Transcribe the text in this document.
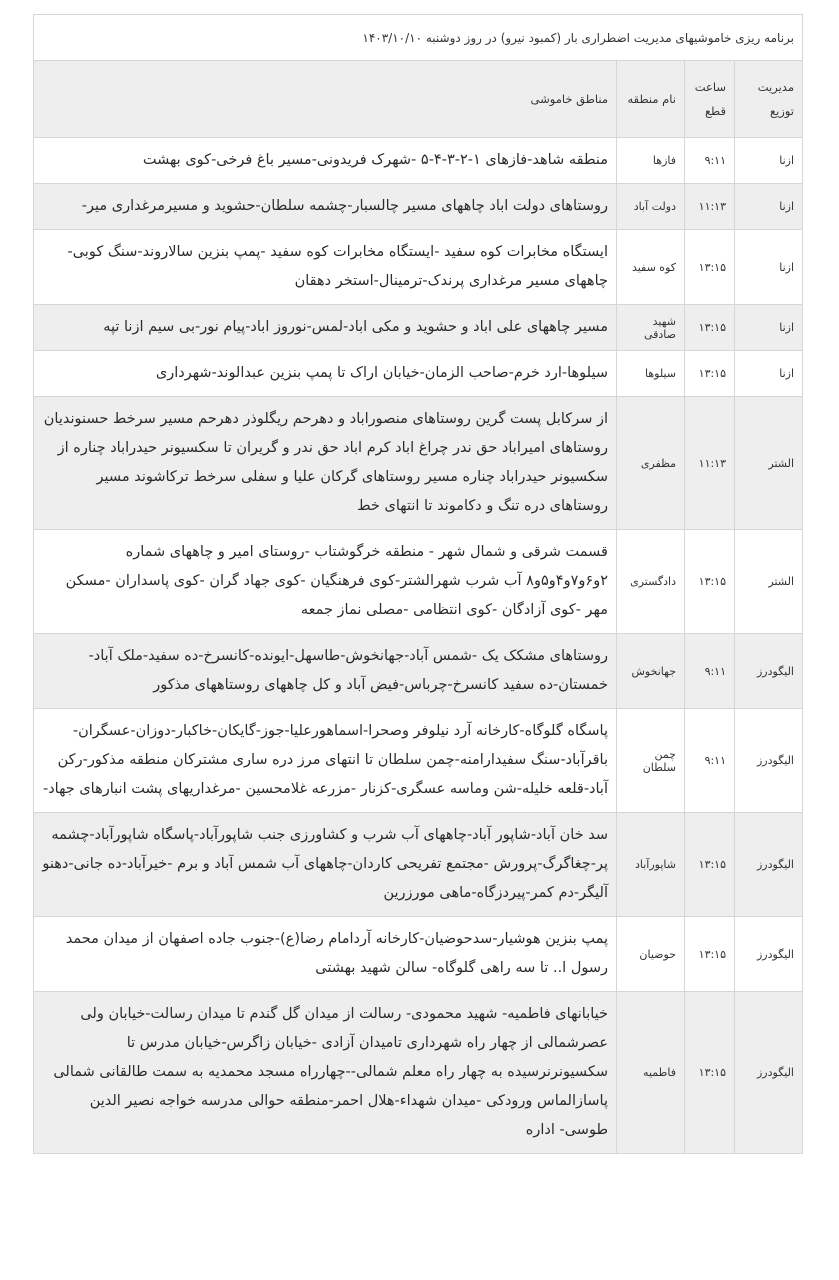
برنامه ریزی خاموشیهای مدیریت اضطراری بار (کمبود نیرو) در روز دوشنبه ۱۴۰۳/۱۰/۱۰
مدیریت توزیع	ساعت قطع	نام منطقه	مناطق خاموشی
ازنا	۹:۱۱	فازها	منطقه شاهد-فازهای ۱-۲-۳-۴-۵ -شهرک فریدونی-مسیر باغ فرخی-کوی بهشت
ازنا	۱۱:۱۳	دولت آباد	روستاهای دولت اباد چاههای مسیر چالسبار-چشمه سلطان-حشوید و مسیرمرغداری میر-
ازنا	۱۳:۱۵	کوه سفید	ایستگاه مخابرات کوه سفید -ایستگاه مخابرات کوه سفید -پمپ بنزین سالاروند-سنگ کوبی-چاههای مسیر مرغداری پرندک-ترمینال-استخر دهقان
ازنا	۱۳:۱۵	شهید صادقی	مسیر چاههای علی اباد و حشوید و مکی اباد-لمس-نوروز اباد-پیام نور-بی سیم ازنا تپه
ازنا	۱۳:۱۵	سیلوها	سیلوها-ارد خرم-صاحب الزمان-خیابان اراک تا پمپ بنزین عبدالوند-شهرداری
الشتر	۱۱:۱۳	مظفری	از سرکابل پست گرین روستاهای منصوراباد و دهرحم ریگلوذر دهرحم مسیر سرخط حسنوندیان روستاهای امیراباد حق ندر چراغ اباد کرم اباد حق ندر و گریران تا سکسیونر حیدراباد چناره از سکسیونر حیدراباد چناره مسیر روستاهای گرکان علیا و سفلی سرخط ترکاشوند مسیر روستاهای دره تنگ و دکاموند تا انتهای خط
الشتر	۱۳:۱۵	دادگستری	قسمت شرقی و شمال شهر - منطقه خرگوشتاب -روستای امیر و چاههای شماره ۲و۶و۷و۴و۵و۸ آب شرب شهرالشتر-کوی فرهنگیان -کوی جهاد گران -کوی پاسداران -مسکن مهر -کوی آزادگان -کوی انتظامی -مصلی نماز جمعه
الیگودرز	۹:۱۱	جهانخوش	روستاهای مشکک یک -شمس آباد-جهانخوش-طاسهل-ایونده-کانسرخ-ده سفید-ملک آباد-خمستان-ده سفید کانسرخ-چرباس-فیض آباد و کل چاههای روستاههای مذکور
الیگودرز	۹:۱۱	چمن سلطان	پاسگاه گلوگاه-کارخانه آرد نیلوفر وصحرا-اسماهورعلیا-جوز-گایکان-خاکبار-دوزان-عسگران-باقرآباد-سنگ سفیدارامنه-چمن سلطان تا انتهای مرز دره ساری مشترکان منطقه مذکور-رکن آباد-قلعه خلیله-شن وماسه عسگری-کزنار -مزرعه غلامحسین -مرغداریهای پشت انبارهای جهاد-
الیگودرز	۱۳:۱۵	شاپورآباد	سد خان آباد-شاپور آباد-چاههای آب شرب و کشاورزی جنب شاپورآباد-پاسگاه شاپورآباد-چشمه پر-چغاگرگ-پرورش -مجتمع تفریحی کاردان-چاههای آب شمس آباد و برم -خیرآباد-ده جانی-دهنو آلیگر-دم کمر-پیردزگاه-ماهی مورزرین
الیگودرز	۱۳:۱۵	حوضیان	پمپ بنزین هوشیار-سدحوضیان-کارخانه آردامام رضا(ع)-جنوب جاده اصفهان از میدان محمد رسول ا.. تا سه راهی گلوگاه- سالن شهید بهشتی
الیگودرز	۱۳:۱۵	فاطمیه	خیابانهای فاطمیه- شهید محمودی- رسالت از میدان گل گندم تا میدان رسالت-خیابان ولی عصرشمالی از چهار راه شهرداری تامیدان آزادی -خیابان زاگرس-خیابان مدرس تا سکسیونرنرسیده به چهار راه معلم شمالی--چهارراه مسجد محمدیه به سمت طالقانی شمالی پاسازالماس ورودکی -میدان شهداء-هلال احمر-منطقه حوالی مدرسه خواجه نصیر الدین طوسی- اداره
